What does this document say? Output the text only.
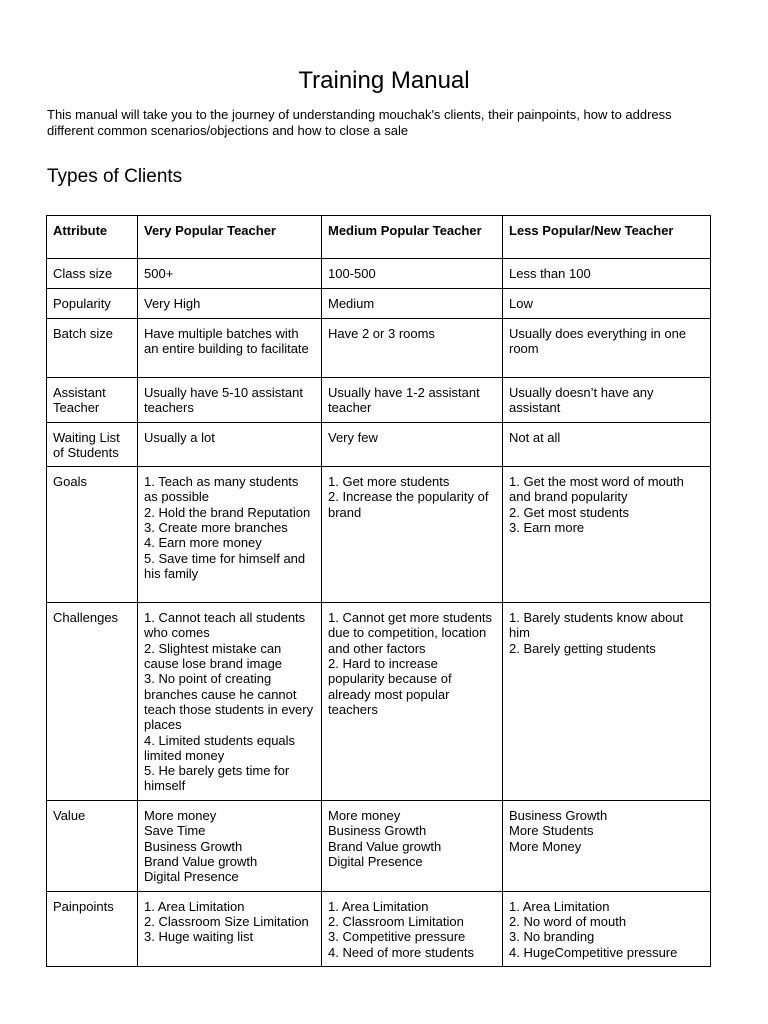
Training Manual

This manual will take you to the journey of understanding mouchak's clients, their painpoints, how to address different common scenarios/objections and how to close a sale

Types of Clients
Attribute	Very Popular Teacher	Medium Popular Teacher	Less Popular/New Teacher
Class size	500+	100-500	Less than 100
Popularity	Very High	Medium	Low
Batch size	Have multiple batches with an entire building to facilitate	Have 2 or 3 rooms	Usually does everything in one room
Assistant Teacher	Usually have 5-10 assistant teachers	Usually have 1-2 assistant teacher	Usually doesn’t have any assistant
Waiting List of Students	Usually a lot	Very few	Not at all
Goals	1. Teach as many students as possible
2. Hold the brand Reputation
3. Create more branches
4. Earn more money
5. Save time for himself and his family	1. Get more students
2. Increase the popularity of brand	1. Get the most word of mouth and brand popularity
2. Get most students
3. Earn more
Challenges	1. Cannot teach all students who comes
2. Slightest mistake can cause lose brand image
3. No point of creating branches cause he cannot teach those students in every places
4. Limited students equals limited money
5. He barely gets time for himself	1. Cannot get more students due to competition, location and other factors
2. Hard to increase popularity because of already most popular teachers	1. Barely students know about him
2. Barely getting students
Value	More money
Save Time
Business Growth
Brand Value growth
Digital Presence	More money
Business Growth
Brand Value growth
Digital Presence	Business Growth
More Students
More Money
Painpoints	1. Area Limitation
2. Classroom Size Limitation
3. Huge waiting list	1. Area Limitation
2. Classroom Limitation
3. Competitive pressure
4. Need of more students	1. Area Limitation
2. No word of mouth
3. No branding
4. HugeCompetitive pressure
